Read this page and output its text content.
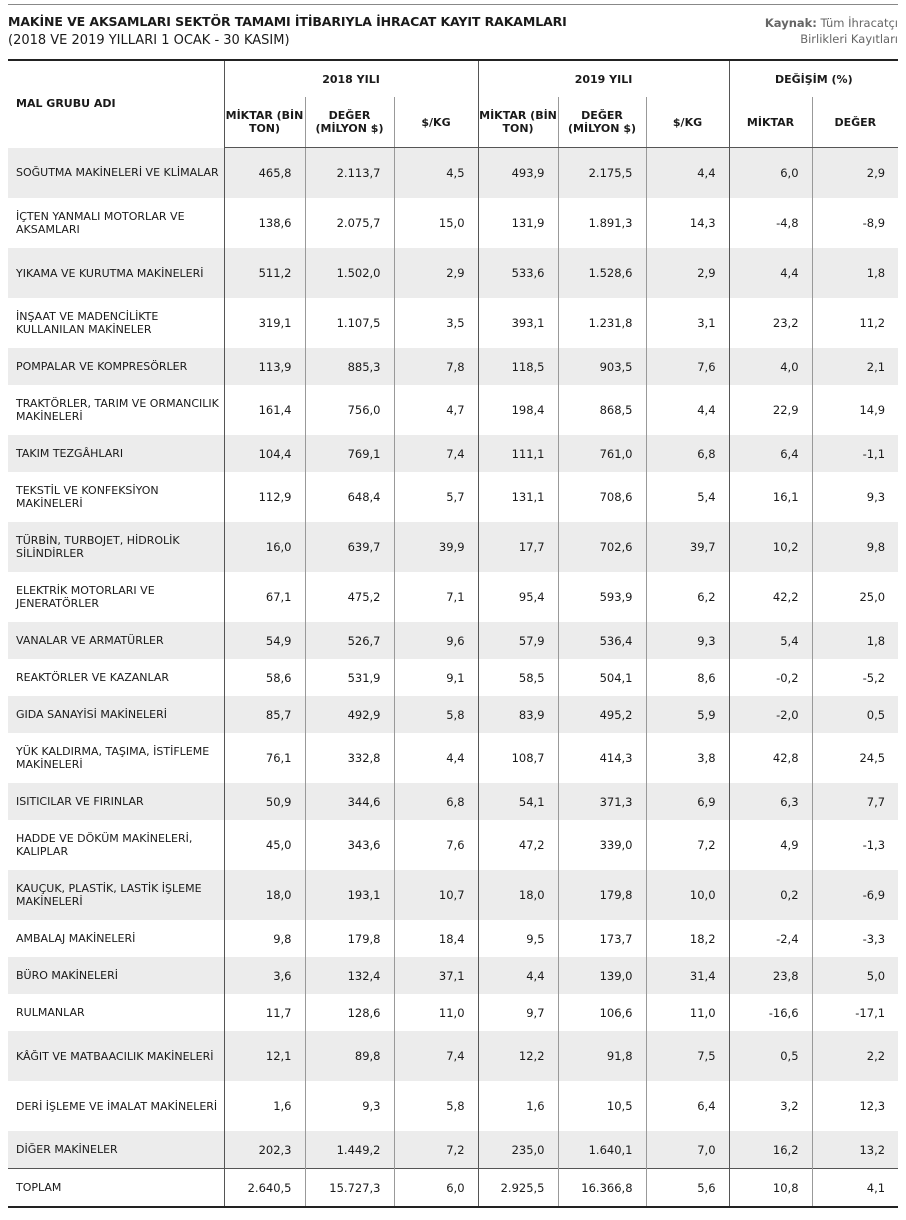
MAKİNE VE AKSAMLARI SEKTÖR TAMAMI İTİBARIYLA İHRACAT KAYIT RAKAMLARI
(2018 VE 2019 YILLARI 1 OCAK - 30 KASIM)
Kaynak: Tüm İhracatçı
Birlikleri Kayıtları
MAL GRUBU ADI	2018 YILI			2019 YILI			DEĞİŞİM (%)	
	MİKTAR (BİN TON)	DEĞER (MİLYON $)	$/KG	MİKTAR (BİN TON)	DEĞER (MİLYON $)	$/KG	MİKTAR	DEĞER
SOĞUTMA MAKİNELERİ VE KLİMALAR	465,8	2.113,7	4,5	493,9	2.175,5	4,4	6,0	2,9
İÇTEN YANMALI MOTORLAR VE AKSAMLARI	138,6	2.075,7	15,0	131,9	1.891,3	14,3	-4,8	-8,9
YIKAMA VE KURUTMA MAKİNELERİ	511,2	1.502,0	2,9	533,6	1.528,6	2,9	4,4	1,8
İNŞAAT VE MADENCİLİKTE KULLANILAN MAKİNELER	319,1	1.107,5	3,5	393,1	1.231,8	3,1	23,2	11,2
POMPALAR VE KOMPRESÖRLER	113,9	885,3	7,8	118,5	903,5	7,6	4,0	2,1
TRAKTÖRLER, TARIM VE ORMANCILIK MAKİNELERİ	161,4	756,0	4,7	198,4	868,5	4,4	22,9	14,9
TAKIM TEZGÂHLARI	104,4	769,1	7,4	111,1	761,0	6,8	6,4	-1,1
TEKSTİL VE KONFEKSİYON MAKİNELERİ	112,9	648,4	5,7	131,1	708,6	5,4	16,1	9,3
TÜRBİN, TURBOJET, HİDROLİK SİLİNDİRLER	16,0	639,7	39,9	17,7	702,6	39,7	10,2	9,8
ELEKTRİK MOTORLARI VE JENERATÖRLER	67,1	475,2	7,1	95,4	593,9	6,2	42,2	25,0
VANALAR VE ARMATÜRLER	54,9	526,7	9,6	57,9	536,4	9,3	5,4	1,8
REAKTÖRLER VE KAZANLAR	58,6	531,9	9,1	58,5	504,1	8,6	-0,2	-5,2
GIDA SANAYİSİ MAKİNELERİ	85,7	492,9	5,8	83,9	495,2	5,9	-2,0	0,5
YÜK KALDIRMA, TAŞIMA, İSTİFLEME MAKİNELERİ	76,1	332,8	4,4	108,7	414,3	3,8	42,8	24,5
ISITICILAR VE FIRINLAR	50,9	344,6	6,8	54,1	371,3	6,9	6,3	7,7
HADDE VE DÖKÜM MAKİNELERİ, KALIPLAR	45,0	343,6	7,6	47,2	339,0	7,2	4,9	-1,3
KAUÇUK, PLASTİK, LASTİK İŞLEME MAKİNELERİ	18,0	193,1	10,7	18,0	179,8	10,0	0,2	-6,9
AMBALAJ MAKİNELERİ	9,8	179,8	18,4	9,5	173,7	18,2	-2,4	-3,3
BÜRO MAKİNELERİ	3,6	132,4	37,1	4,4	139,0	31,4	23,8	5,0
RULMANLAR	11,7	128,6	11,0	9,7	106,6	11,0	-16,6	-17,1
KÂĞIT VE MATBAACILIK MAKİNELERİ	12,1	89,8	7,4	12,2	91,8	7,5	0,5	2,2
DERİ İŞLEME VE İMALAT MAKİNELERİ	1,6	9,3	5,8	1,6	10,5	6,4	3,2	12,3
DİĞER MAKİNELER	202,3	1.449,2	7,2	235,0	1.640,1	7,0	16,2	13,2
TOPLAM	2.640,5	15.727,3	6,0	2.925,5	16.366,8	5,6	10,8	4,1
